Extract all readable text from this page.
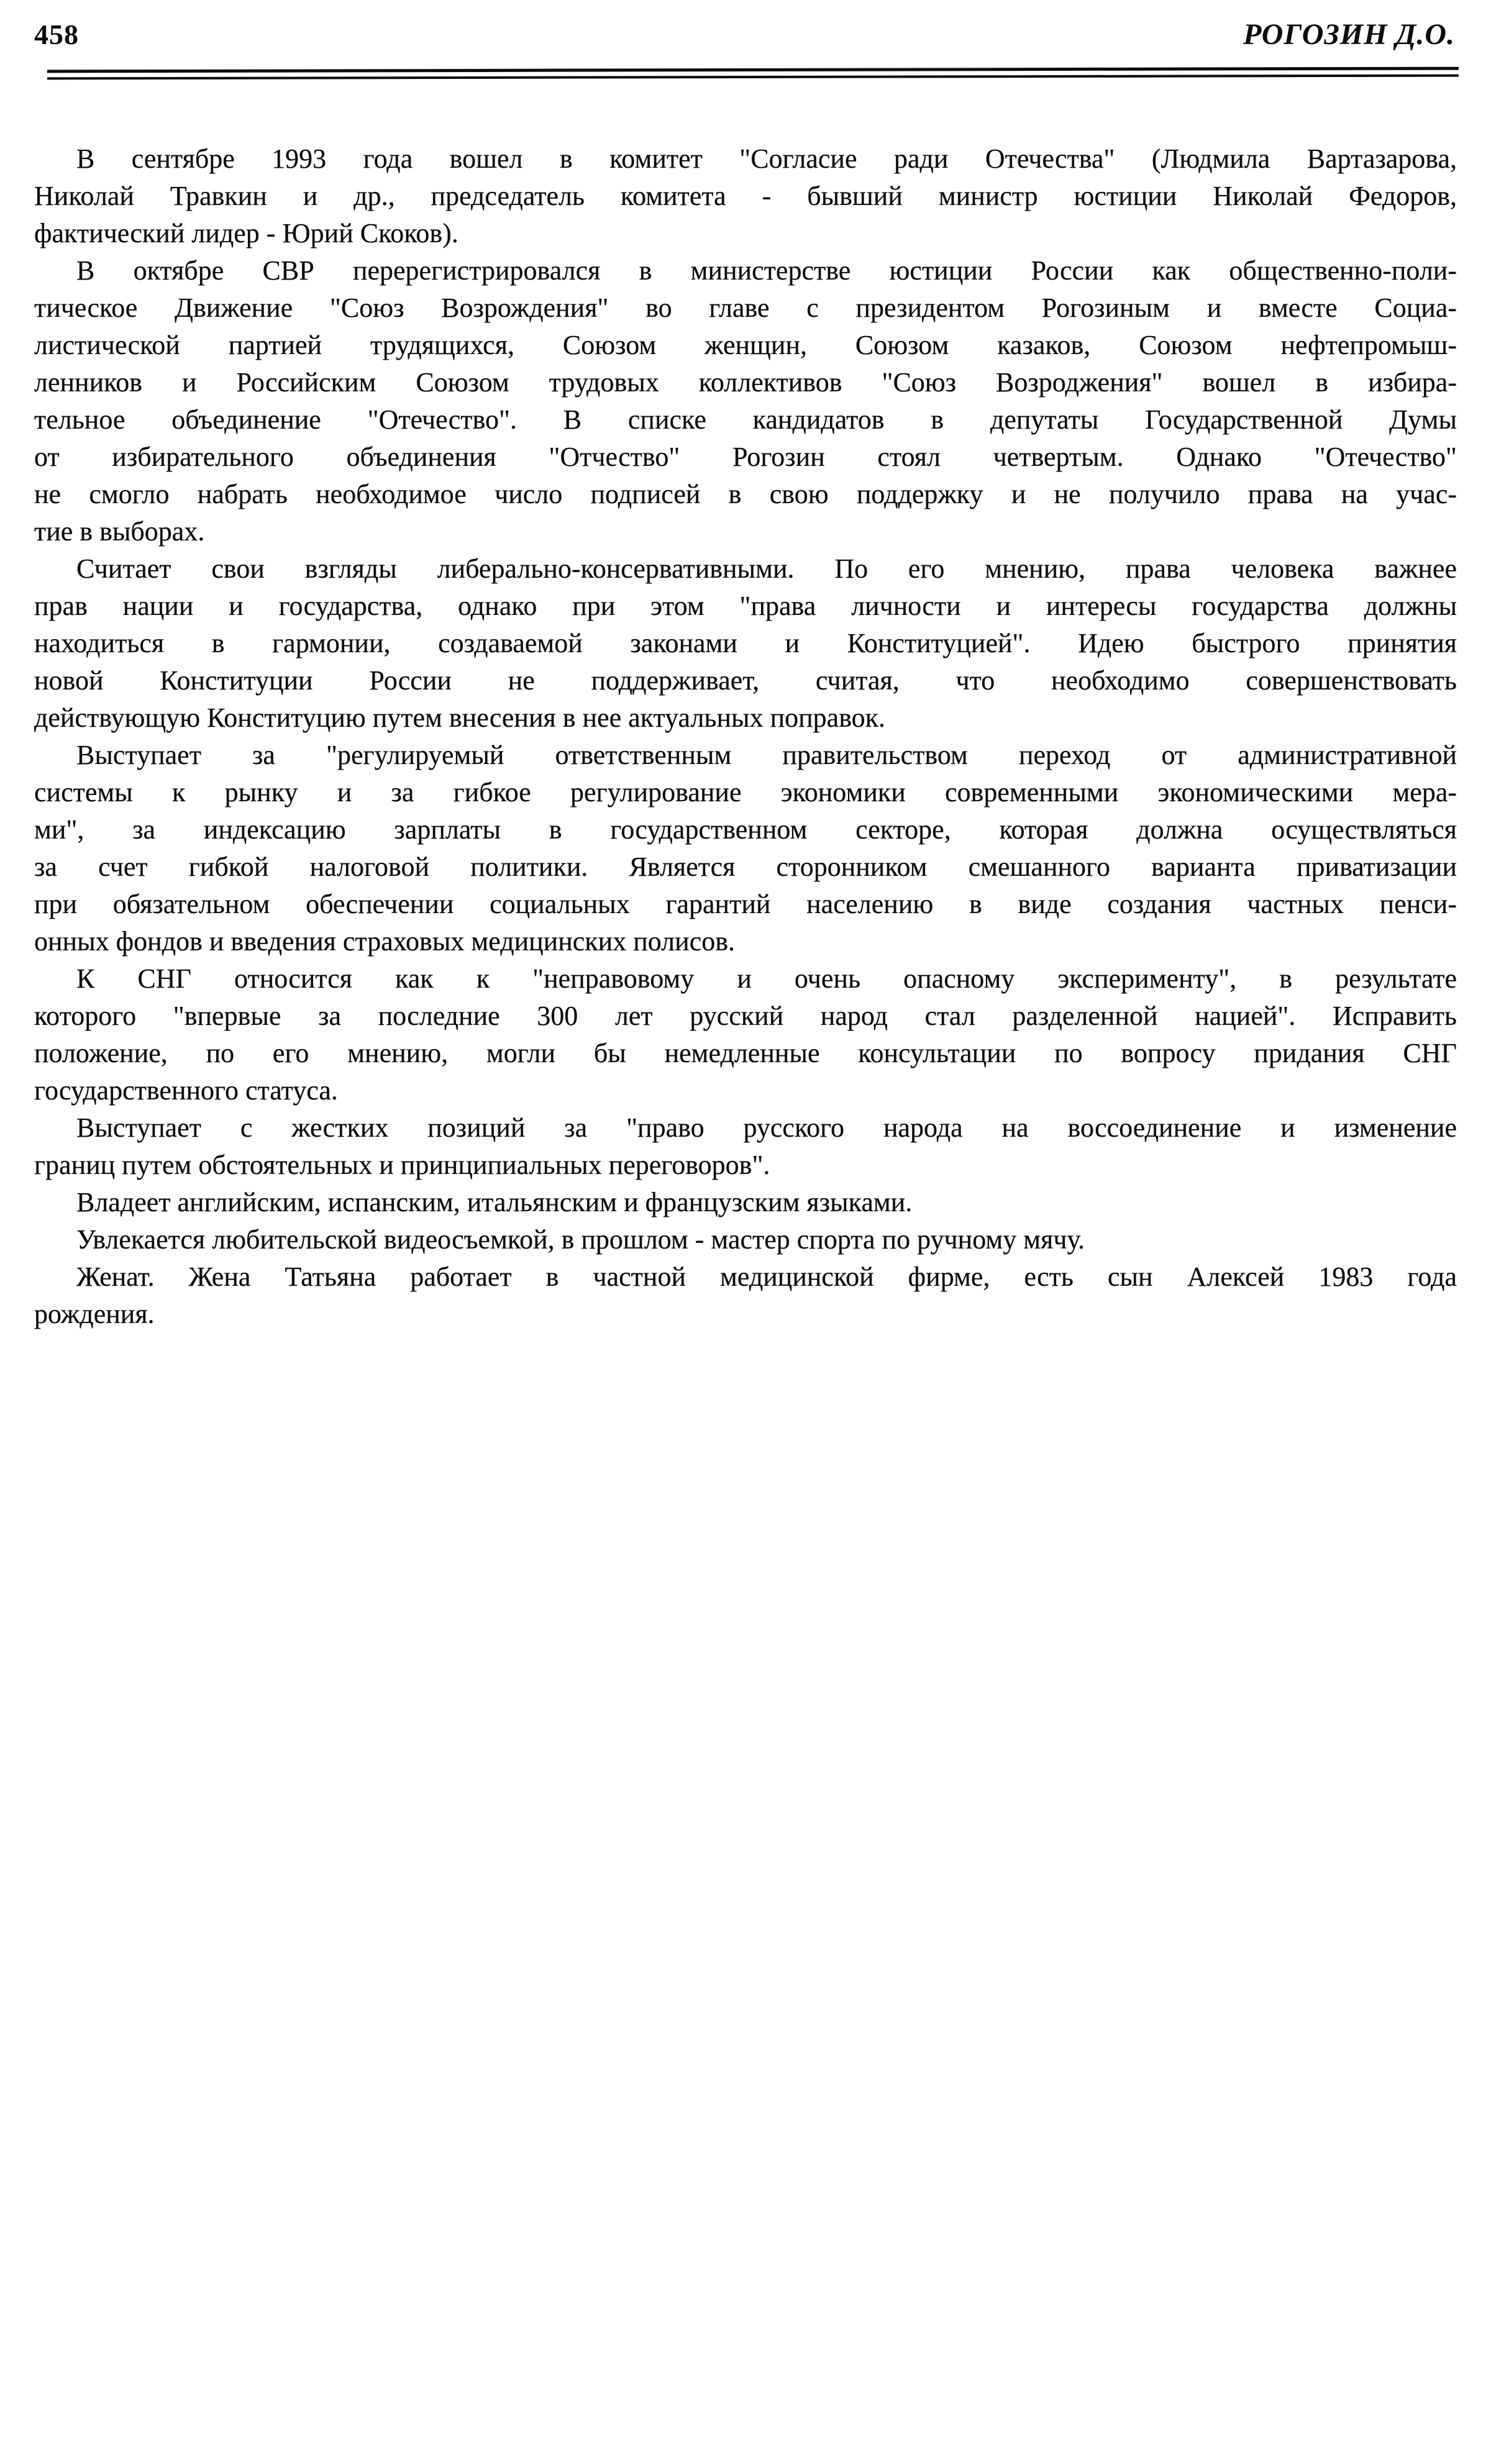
458	РОГОЗИН Д.О.
В сентябре 1993 года вошел в комитет "Согласие ради Отечества" (Людмила Вартазарова,
Николай Травкин и др., председатель комитета - бывший министр юстиции Николай Федоров,
фактический лидер - Юрий Скоков).
В октябре СВР перерегистрировался в министерстве юстиции России как общественно-поли-
тическое Движение "Союз Возрождения" во главе с президентом Рогозиным и вместе Социа-
листической партией трудящихся, Союзом женщин, Союзом казаков, Союзом нефтепромыш-
ленников и Российским Союзом трудовых коллективов "Союз Возроджения" вошел в избира-
тельное объединение "Отечество". В списке кандидатов в депутаты Государственной Думы
от избирательного объединения "Отчество" Рогозин стоял четвертым. Однако "Отечество"
не смогло набрать необходимое число подписей в свою поддержку и не получило права на учас-
тие в выборах.
Считает свои взгляды либерально-консервативными. По его мнению, права человека важнее
прав нации и государства, однако при этом "права личности и интересы государства должны
находиться в гармонии, создаваемой законами и Конституцией". Идею быстрого принятия
новой Конституции России не поддерживает, считая, что необходимо совершенствовать
действующую Конституцию путем внесения в нее актуальных поправок.
Выступает за "регулируемый ответственным правительством переход от административной
системы к рынку и за гибкое регулирование экономики современными экономическими мера-
ми", за индексацию зарплаты в государственном секторе, которая должна осуществляться
за счет гибкой налоговой политики. Является сторонником смешанного варианта приватизации
при обязательном обеспечении социальных гарантий населению в виде создания частных пенси-
онных фондов и введения страховых медицинских полисов.
К СНГ относится как к "неправовому и очень опасному эксперименту", в результате
которого "впервые за последние 300 лет русский народ стал разделенной нацией". Исправить
положение, по его мнению, могли бы немедленные консультации по вопросу придания СНГ
государственного статуса.
Выступает с жестких позиций за "право русского народа на воссоединение и изменение
границ путем обстоятельных и принципиальных переговоров".
Владеет английским, испанским, итальянским и французским языками.
Увлекается любительской видеосъемкой, в прошлом - мастер спорта по ручному мячу.
Женат. Жена Татьяна работает в частной медицинской фирме, есть сын Алексей 1983 года
рождения.
